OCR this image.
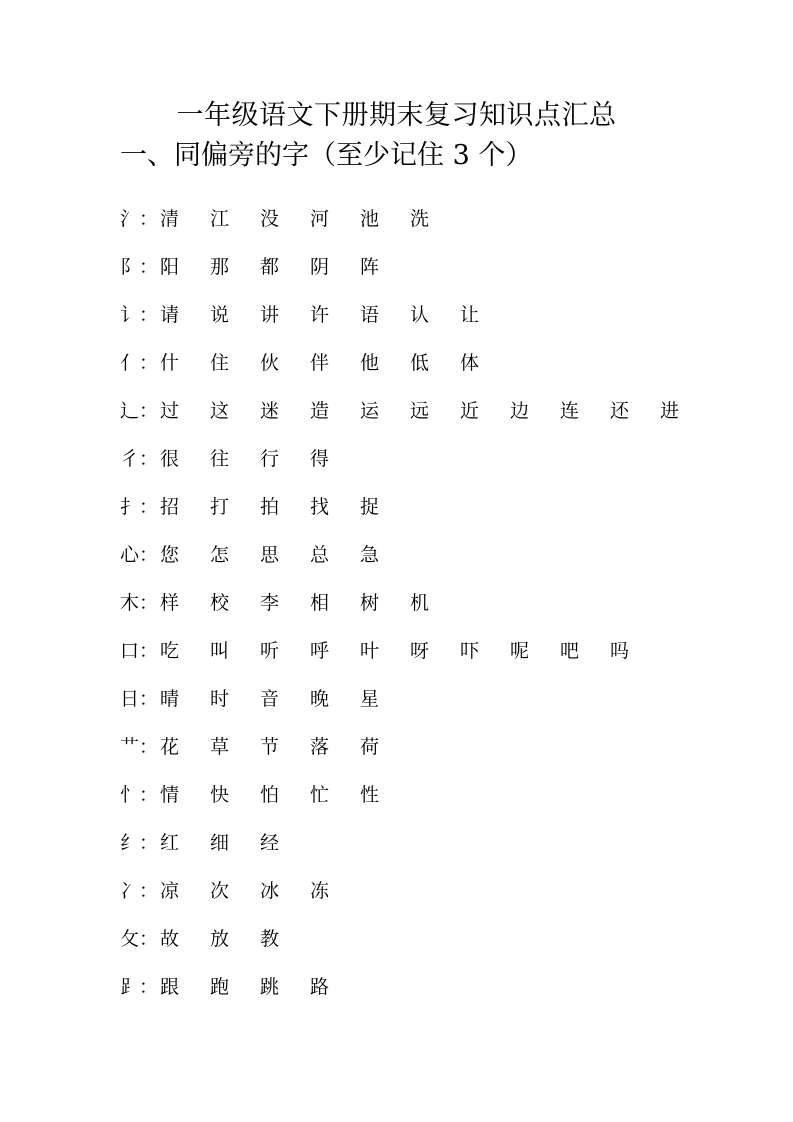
一年级语文下册期末复习知识点汇总
一、同偏旁的字（至少记住 3 个）
氵： 清	江	没	河	池	洗
阝： 阳	那	都	阴	阵
讠： 请	说	讲	许	语	认	让
亻： 什	住	伙	伴	他	低	体
辶： 过	这	迷	造	运	远	近	边	连	还	进
彳： 很	往	行	得
扌： 招	打	拍	找	捉
心： 您	怎	思	总	急
木： 样	校	李	相	树	机
口： 吃	叫	听	呼	叶	呀	吓	呢	吧	吗
日： 晴	时	音	晚	星
艹： 花	草	节	落	荷
忄： 情	快	怕	忙	性
纟： 红	细	经
冫： 凉	次	冰	冻
攵： 故	放	教
⻊： 跟	跑	跳	路
